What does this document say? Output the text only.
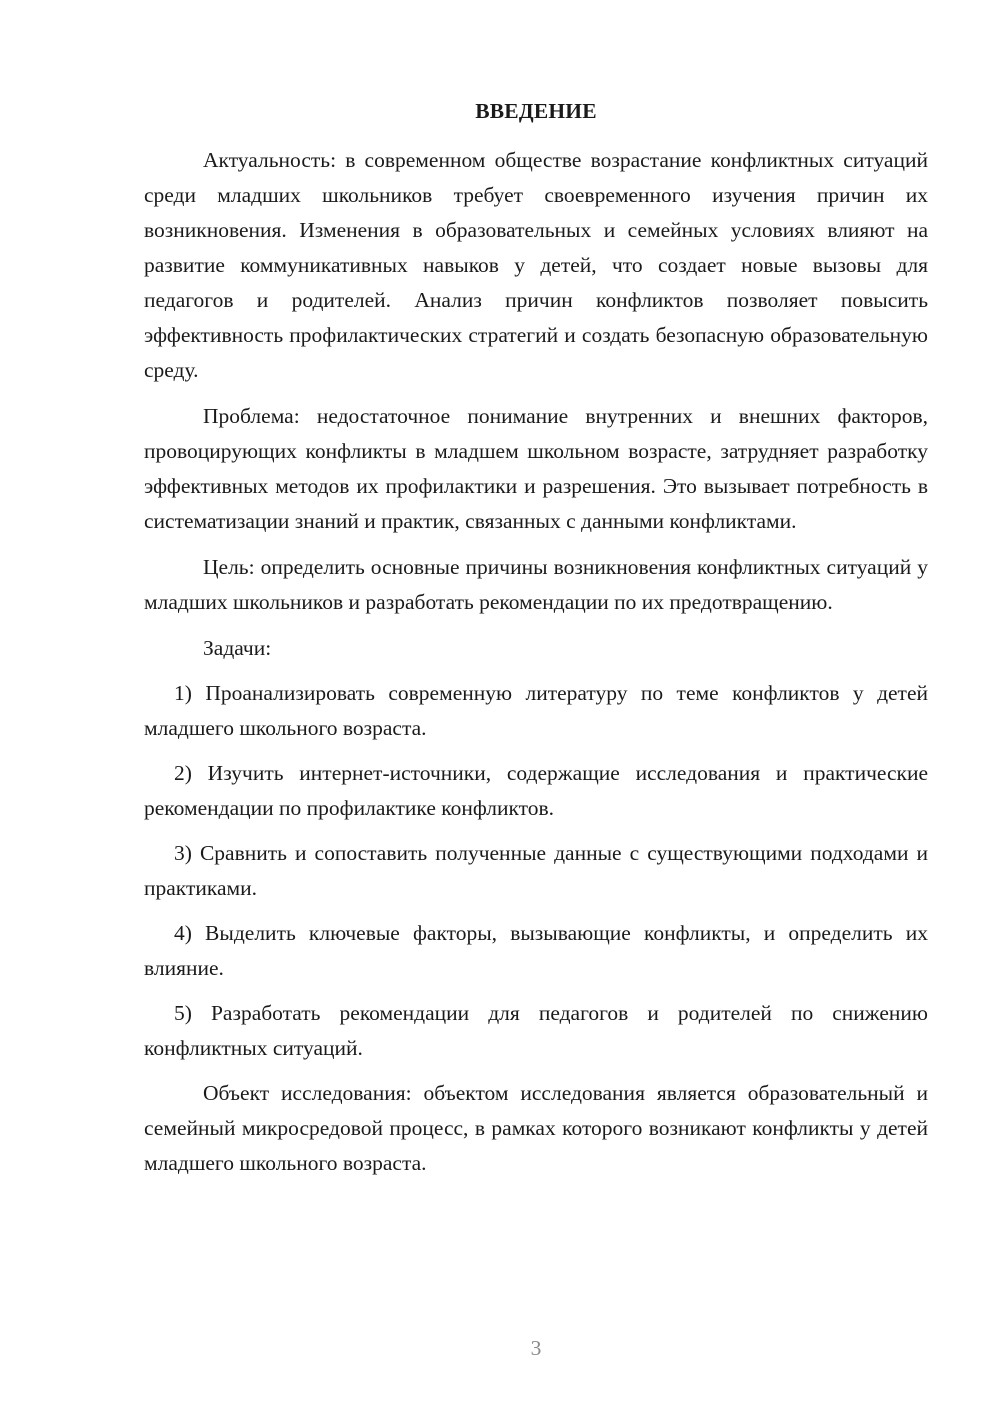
ВВЕДЕНИЕ

Актуальность: в современном обществе возрастание конфликтных ситуаций среди младших школьников требует своевременного изучения причин их возникновения. Изменения в образовательных и семейных условиях влияют на развитие коммуникативных навыков у детей, что создает новые вызовы для педагогов и родителей. Анализ причин конфликтов позволяет повысить эффективность профилактических стратегий и создать безопасную образовательную среду.

Проблема: недостаточное понимание внутренних и внешних факторов, провоцирующих конфликты в младшем школьном возрасте, затрудняет разработку эффективных методов их профилактики и разрешения. Это вызывает потребность в систематизации знаний и практик, связанных с данными конфликтами.

Цель: определить основные причины возникновения конфликтных ситуаций у младших школьников и разработать рекомендации по их предотвращению.

Задачи:

1) Проанализировать современную литературу по теме конфликтов у детей младшего школьного возраста.

2) Изучить интернет-источники, содержащие исследования и практические рекомендации по профилактике конфликтов.

3) Сравнить и сопоставить полученные данные с существующими подходами и практиками.

4) Выделить ключевые факторы, вызывающие конфликты, и определить их влияние.

5) Разработать рекомендации для педагогов и родителей по снижению конфликтных ситуаций.

Объект исследования: объектом исследования является образовательный и семейный микросредовой процесс, в рамках которого возникают конфликты у детей младшего школьного возраста.

3
